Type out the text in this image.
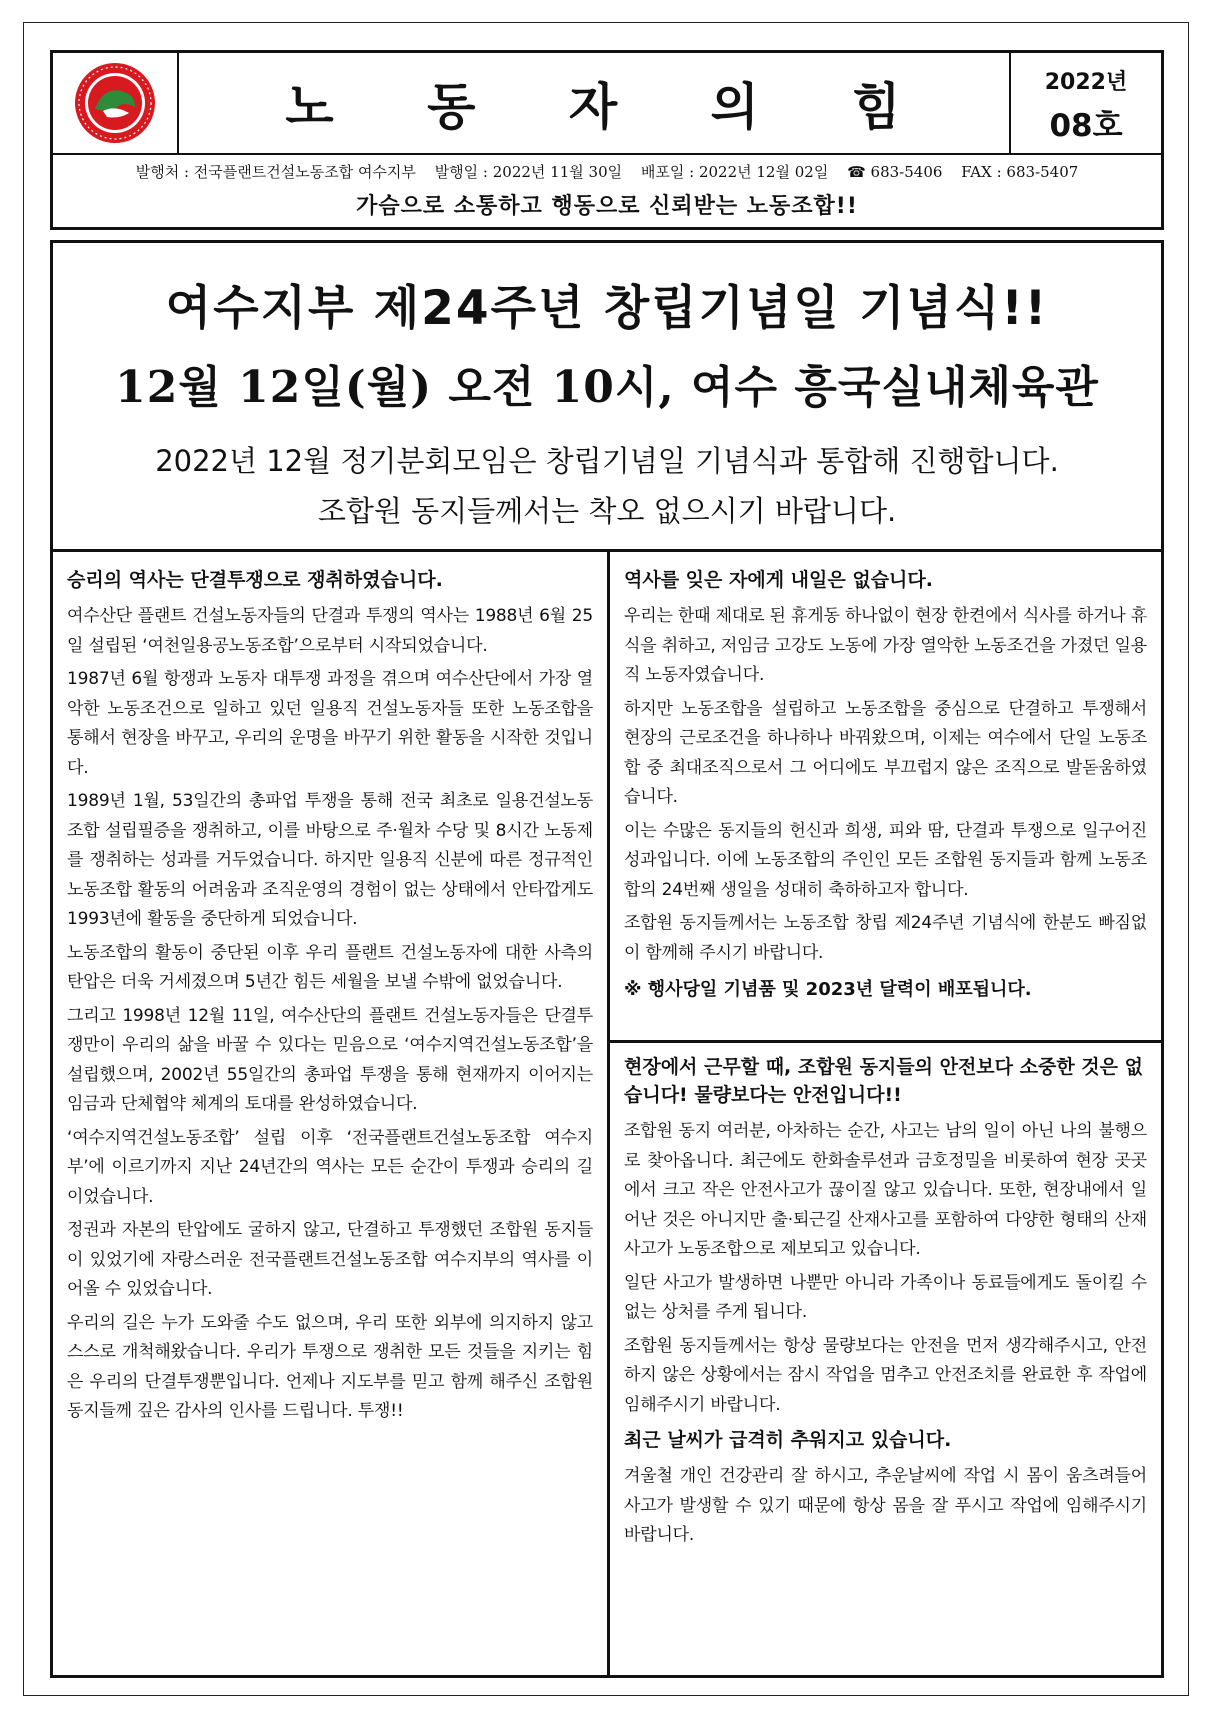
노 동 자 의 힘	2022년
08호
발행처 : 전국플랜트건설노동조합 여수지부 발행일 : 2022년 11월 30일 배포일 : 2022년 12월 02일 ☎ 683-5406 FAX : 683-5407
가슴으로 소통하고 행동으로 신뢰받는 노동조합!!
여수지부 제24주년 창립기념일 기념식!!
12월 12일(월) 오전 10시, 여수 흥국실내체육관
2022년 12월 정기분회모임은 창립기념일 기념식과 통합해 진행합니다.
조합원 동지들께서는 착오 없으시기 바랍니다.
승리의 역사는 단결투쟁으로 쟁취하였습니다.

여수산단 플랜트 건설노동자들의 단결과 투쟁의 역사는 1988년 6월 25일 설립된 ‘여천일용공노동조합’으로부터 시작되었습니다.

1987년 6월 항쟁과 노동자 대투쟁 과정을 겪으며 여수산단에서 가장 열악한 노동조건으로 일하고 있던 일용직 건설노동자들 또한 노동조합을 통해서 현장을 바꾸고, 우리의 운명을 바꾸기 위한 활동을 시작한 것입니다.

1989년 1월, 53일간의 총파업 투쟁을 통해 전국 최초로 일용건설노동조합 설립필증을 쟁취하고, 이를 바탕으로 주·월차 수당 및 8시간 노동제를 쟁취하는 성과를 거두었습니다. 하지만 일용직 신분에 따른 정규적인 노동조합 활동의 어려움과 조직운영의 경험이 없는 상태에서 안타깝게도 1993년에 활동을 중단하게 되었습니다.

노동조합의 활동이 중단된 이후 우리 플랜트 건설노동자에 대한 사측의 탄압은 더욱 거세졌으며 5년간 힘든 세월을 보낼 수밖에 없었습니다.

그리고 1998년 12월 11일, 여수산단의 플랜트 건설노동자들은 단결투쟁만이 우리의 삶을 바꿀 수 있다는 믿음으로 ‘여수지역건설노동조합’을 설립했으며, 2002년 55일간의 총파업 투쟁을 통해 현재까지 이어지는 임금과 단체협약 체계의 토대를 완성하였습니다.

‘여수지역건설노동조합’ 설립 이후 ‘전국플랜트건설노동조합 여수지부’에 이르기까지 지난 24년간의 역사는 모든 순간이 투쟁과 승리의 길이었습니다.

정권과 자본의 탄압에도 굴하지 않고, 단결하고 투쟁했던 조합원 동지들이 있었기에 자랑스러운 전국플랜트건설노동조합 여수지부의 역사를 이어올 수 있었습니다.

우리의 길은 누가 도와줄 수도 없으며, 우리 또한 외부에 의지하지 않고 스스로 개척해왔습니다. 우리가 투쟁으로 쟁취한 모든 것들을 지키는 힘은 우리의 단결투쟁뿐입니다. 언제나 지도부를 믿고 함께 해주신 조합원 동지들께 깊은 감사의 인사를 드립니다. 투쟁!!

역사를 잊은 자에게 내일은 없습니다.

우리는 한때 제대로 된 휴게동 하나없이 현장 한켠에서 식사를 하거나 휴식을 취하고, 저임금 고강도 노동에 가장 열악한 노동조건을 가졌던 일용직 노동자였습니다.

하지만 노동조합을 설립하고 노동조합을 중심으로 단결하고 투쟁해서 현장의 근로조건을 하나하나 바꿔왔으며, 이제는 여수에서 단일 노동조합 중 최대조직으로서 그 어디에도 부끄럽지 않은 조직으로 발돋움하였습니다.

이는 수많은 동지들의 헌신과 희생, 피와 땀, 단결과 투쟁으로 일구어진 성과입니다. 이에 노동조합의 주인인 모든 조합원 동지들과 함께 노동조합의 24번째 생일을 성대히 축하하고자 합니다.

조합원 동지들께서는 노동조합 창립 제24주년 기념식에 한분도 빠짐없이 함께해 주시기 바랍니다.

※ 행사당일 기념품 및 2023년 달력이 배포됩니다.
현장에서 근무할 때, 조합원 동지들의 안전보다 소중한 것은 없습니다! 물량보다는 안전입니다!!

조합원 동지 여러분, 아차하는 순간, 사고는 남의 일이 아닌 나의 불행으로 찾아옵니다. 최근에도 한화솔루션과 금호정밀을 비롯하여 현장 곳곳에서 크고 작은 안전사고가 끊이질 않고 있습니다. 또한, 현장내에서 일어난 것은 아니지만 출·퇴근길 산재사고를 포함하여 다양한 형태의 산재사고가 노동조합으로 제보되고 있습니다.

일단 사고가 발생하면 나뿐만 아니라 가족이나 동료들에게도 돌이킬 수 없는 상처를 주게 됩니다.

조합원 동지들께서는 항상 물량보다는 안전을 먼저 생각해주시고, 안전하지 않은 상황에서는 잠시 작업을 멈추고 안전조치를 완료한 후 작업에 임해주시기 바랍니다.

최근 날씨가 급격히 추워지고 있습니다.

겨울철 개인 건강관리 잘 하시고, 추운날씨에 작업 시 몸이 움츠려들어 사고가 발생할 수 있기 때문에 항상 몸을 잘 푸시고 작업에 임해주시기 바랍니다.
